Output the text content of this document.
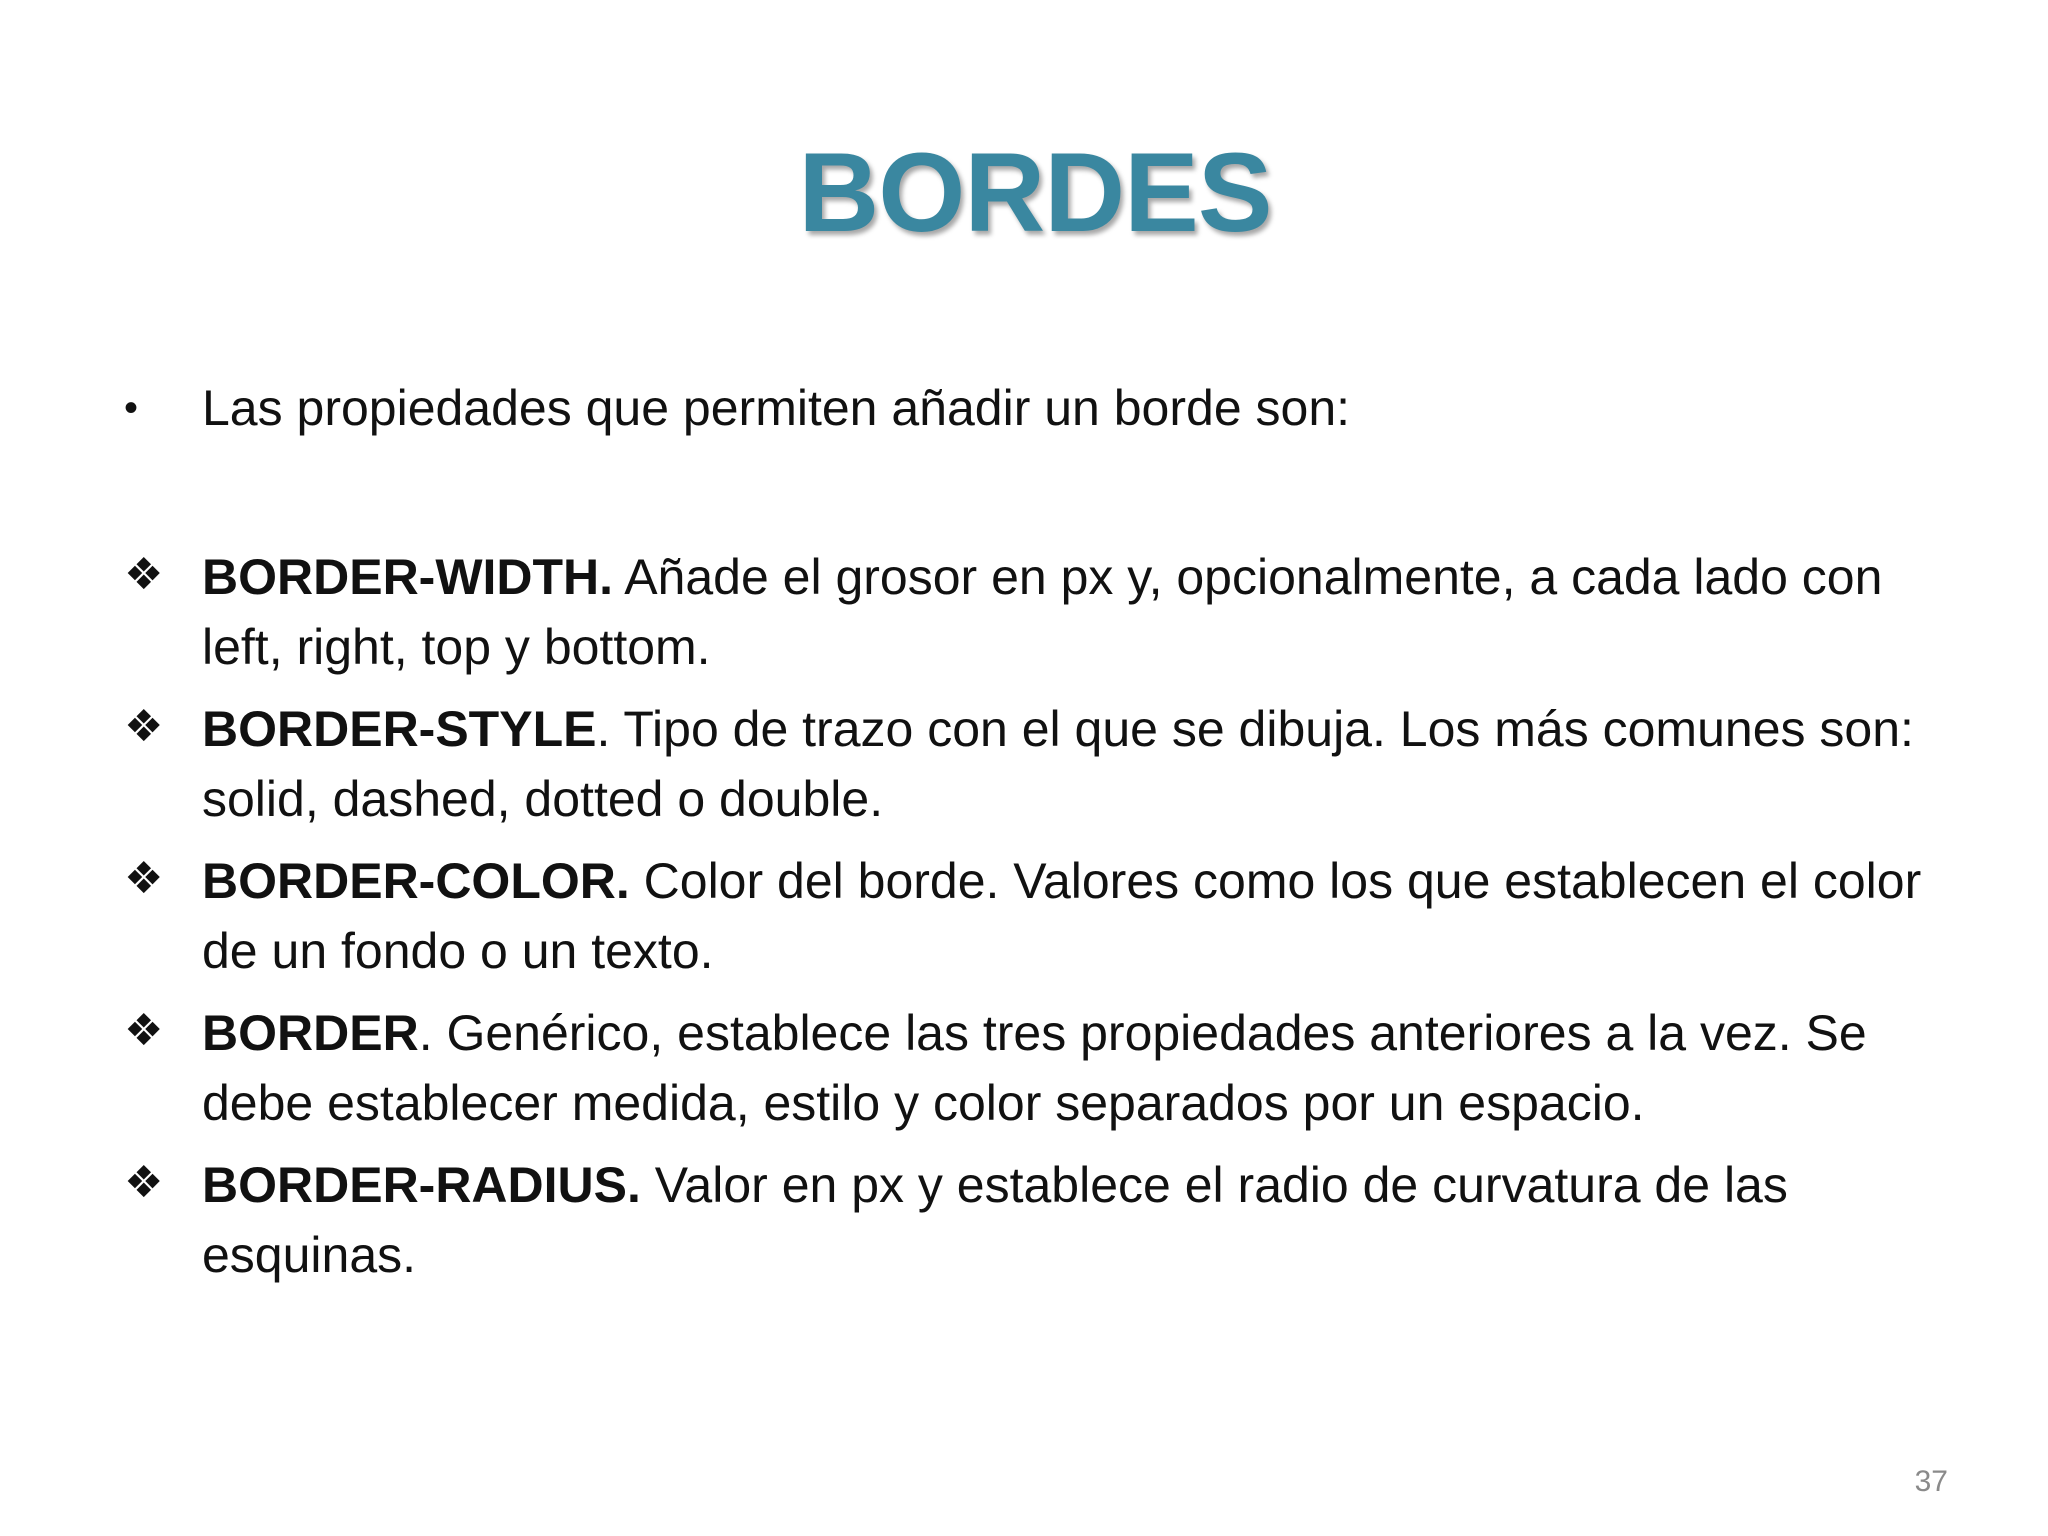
BORDES
•	Las propiedades que permiten añadir un borde son:
❖ BORDER-WIDTH. Añade el grosor en px y, opcionalmente, a cada lado con left, right, top y bottom.
❖ BORDER-STYLE. Tipo de trazo con el que se dibuja. Los más comunes son: solid, dashed, dotted o double.
❖ BORDER-COLOR. Color del borde. Valores como los que establecen el color de un fondo o un texto.
❖ BORDER. Genérico, establece las tres propiedades anteriores a la vez. Se debe establecer medida, estilo y color separados por un espacio.
❖ BORDER-RADIUS. Valor en px y establece el radio de curvatura de las esquinas.
37
